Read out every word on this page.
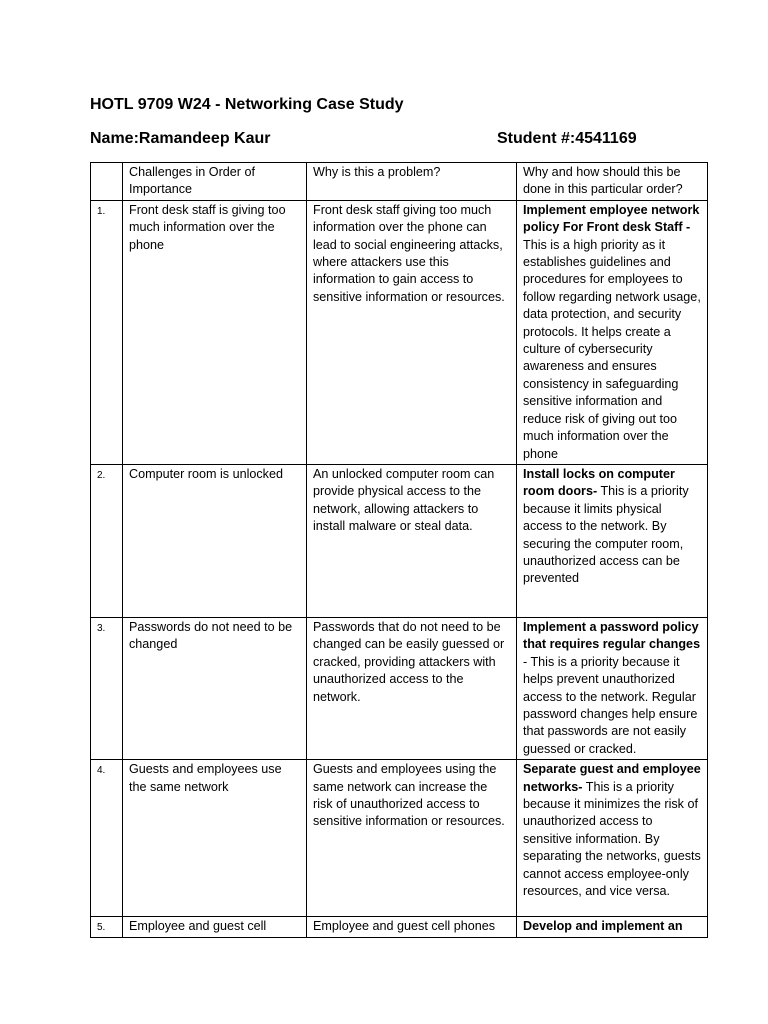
HOTL 9709 W24 - Networking Case Study
Name:Ramandeep Kaur	Student #:4541169
	Challenges in Order of Importance	Why is this a problem?	Why and how should this be done in this particular order?
1.	Front desk staff is giving too much information over the phone	Front desk staff giving too much information over the phone can lead to social engineering attacks, where attackers use this information to gain access to sensitive information or resources.	Implement employee network policy For Front desk Staff - This is a high priority as it establishes guidelines and procedures for employees to follow regarding network usage, data protection, and security protocols. It helps create a culture of cybersecurity awareness and ensures consistency in safeguarding sensitive information and reduce risk of giving out too much information over the phone
2.	Computer room is unlocked	An unlocked computer room can provide physical access to the network, allowing attackers to install malware or steal data.	Install locks on computer room doors- This is a priority because it limits physical access to the network. By securing the computer room, unauthorized access can be prevented
3.	Passwords do not need to be changed	Passwords that do not need to be changed can be easily guessed or cracked, providing attackers with unauthorized access to the network.	Implement a password policy that requires regular changes - This is a priority because it helps prevent unauthorized access to the network. Regular password changes help ensure that passwords are not easily guessed or cracked.
4.	Guests and employees use the same network	Guests and employees using the same network can increase the risk of unauthorized access to sensitive information or resources.	Separate guest and employee networks- This is a priority because it minimizes the risk of unauthorized access to sensitive information. By separating the networks, guests cannot access employee-only resources, and vice versa.
5.	Employee and guest cell	Employee and guest cell phones	Develop and implement an
